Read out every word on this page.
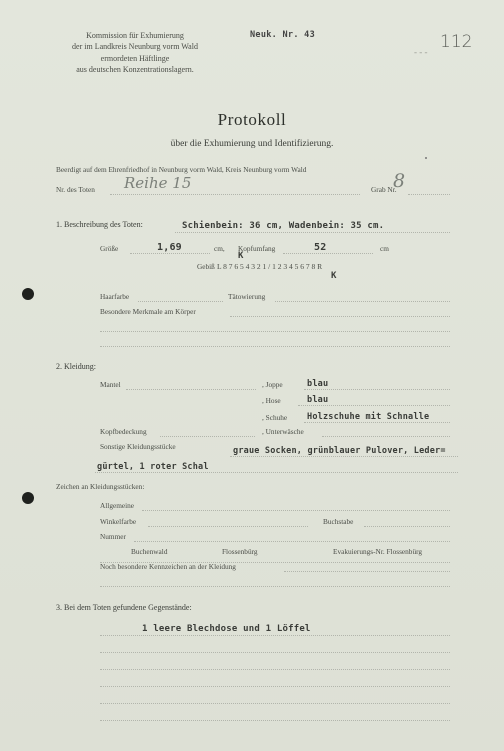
Kommission für Exhumierung
der im Landkreis Neunburg vorm Wald
ermordeten Häftlinge
aus deutschen Konzentrationslagern.
Neuk. Nr. 43
- - - 112
Protokoll
über die Exhumierung und Identifizierung.
Beerdigt auf dem Ehrenfriedhof in Neunburg vorm Wald, Kreis Neunburg vorm Wald
Nr. des Toten Reihe 15	Grab Nr.
8
1. Beschreibung des Toten:	Schienbein: 36 cm, Wadenbein: 35 cm.
Größe	1,69	cm, Kopfumfang	52	cm
K
Gebiß L 8 7 6 5 4 3 2 1 / 1 2 3 4 5 6 7 8 R
K
Haarfarbe	Tätowierung
Besondere Merkmale am Körper
2. Kleidung:
Mantel	, Joppe	blau
, Hose	blau
, Schuhe Holzschuhe mit Schnalle
Kopfbedeckung	, Unterwäsche
Sonstige Kleidungsstücke	graue Socken, grünblauer Pulover, Leder=
gürtel, 1 roter Schal
Zeichen an Kleidungsstücken:
Allgemeine
Winkelfarbe	Buchstabe
Nummer
Buchenwald	Flossenbürg	Evakuierungs-Nr. Flossenbürg
Noch besondere Kennzeichen an der Kleidung
3. Bei dem Toten gefundene Gegenstände:
1 leere Blechdose und 1 Löffel
